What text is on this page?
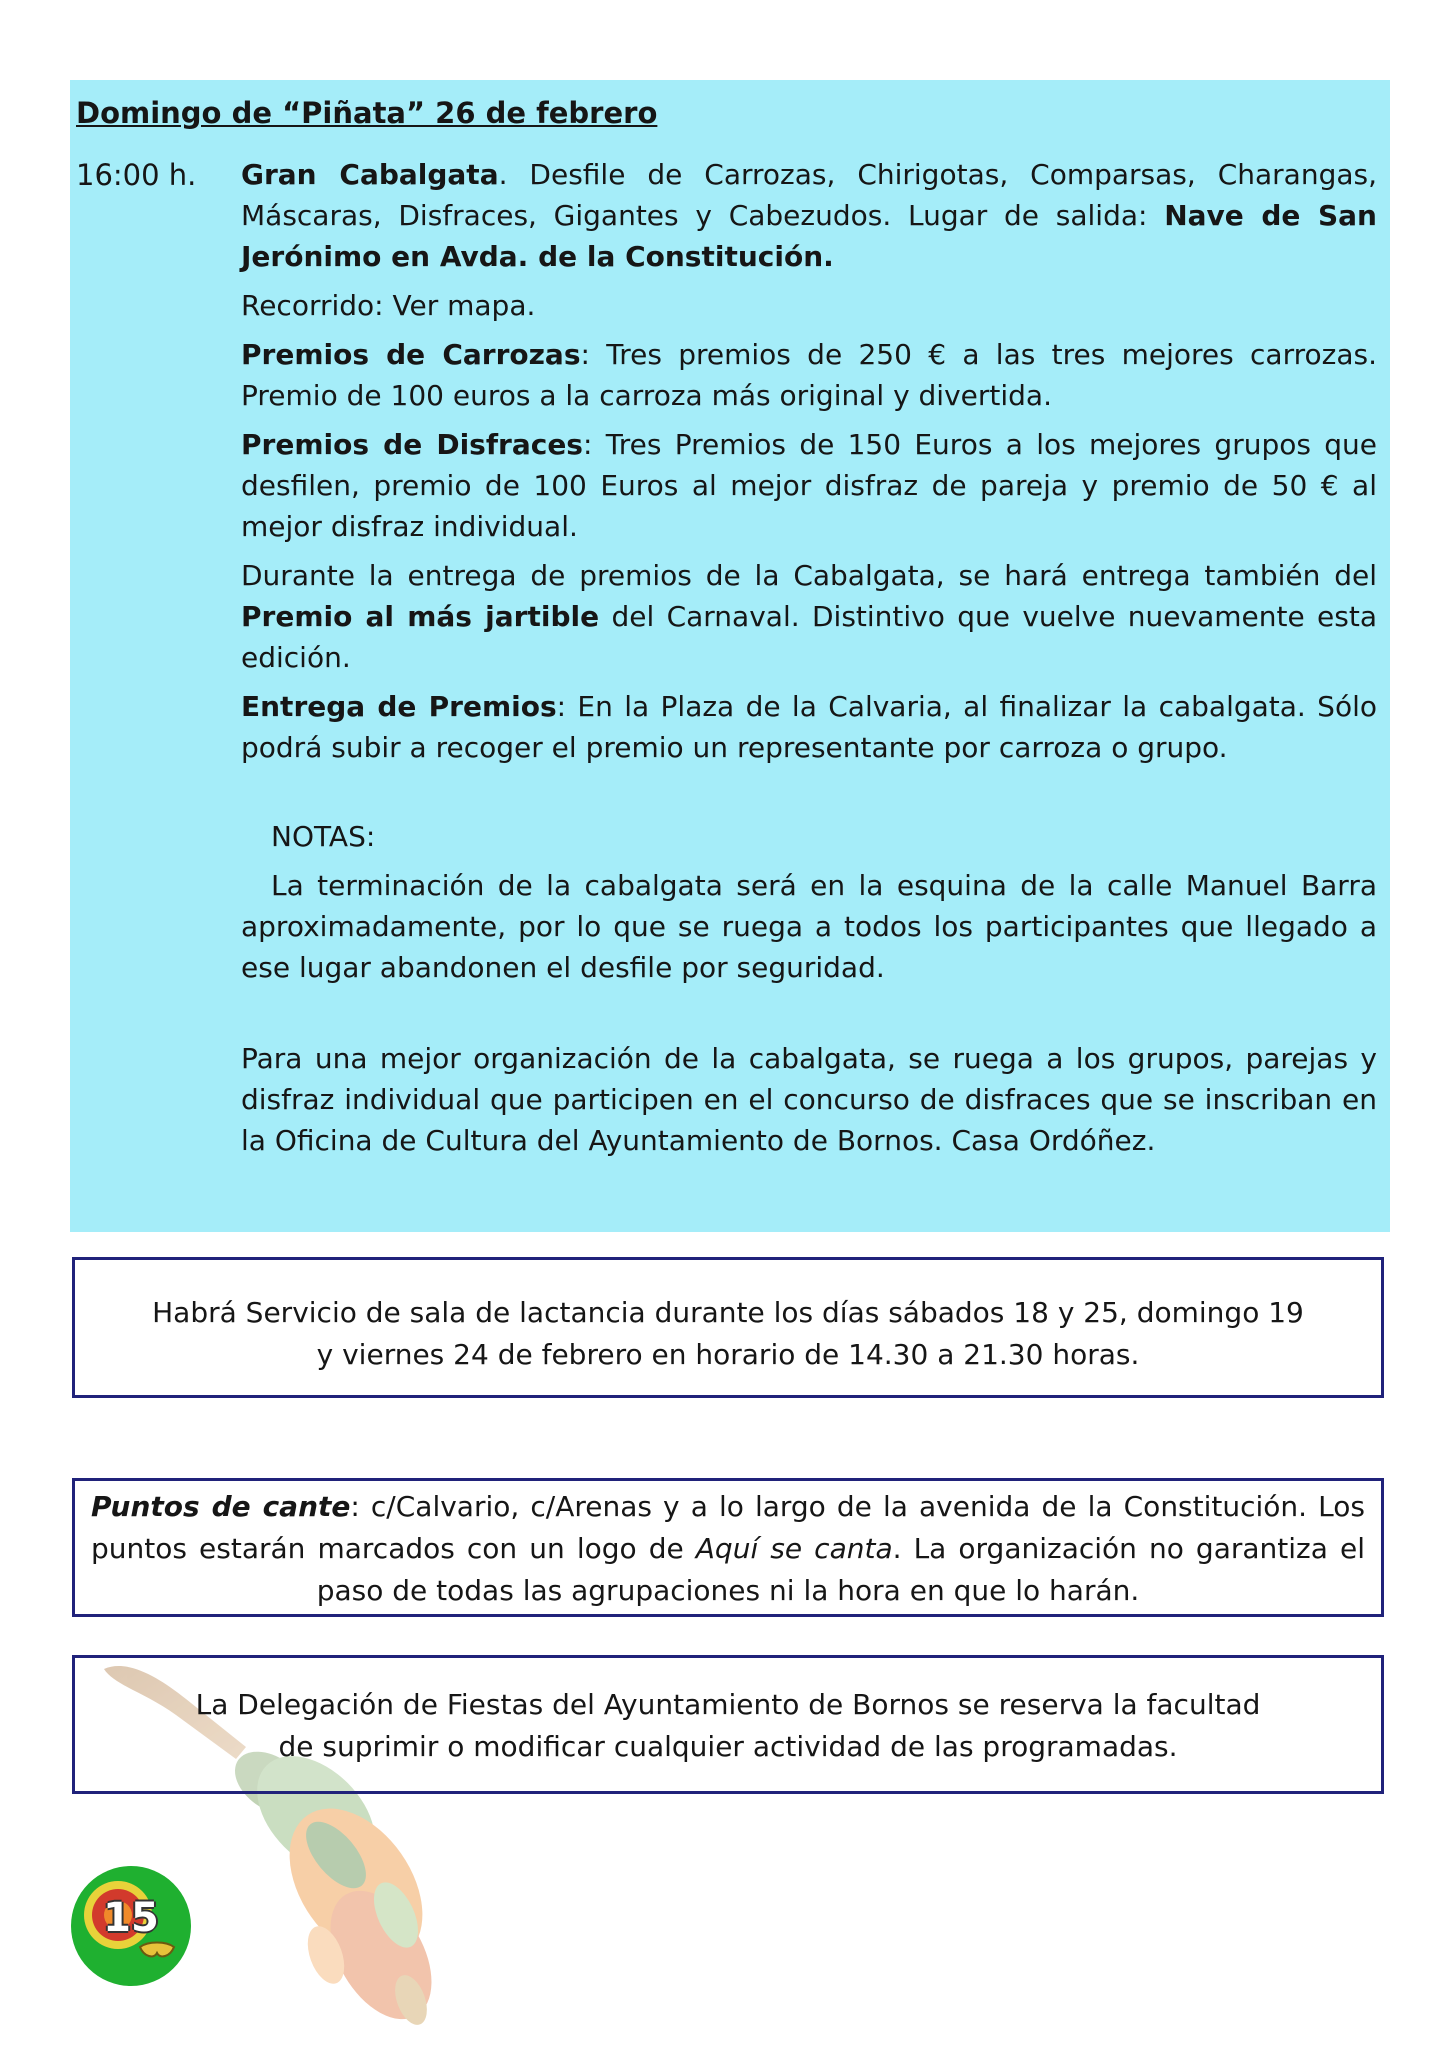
Domingo de “Piñata” 26 de febrero
16:00 h. Gran Cabalgata. Desfile de Carrozas, Chirigotas, Comparsas, Charangas, Máscaras, Disfraces, Gigantes y Cabezudos. Lugar de salida: Nave de San Jerónimo en Avda. de la Constitución.

Recorrido: Ver mapa.

Premios de Carrozas: Tres premios de 250 € a las tres mejores carrozas. Premio de 100 euros a la carroza más original y divertida.

Premios de Disfraces: Tres Premios de 150 Euros a los mejores grupos que desfilen, premio de 100 Euros al mejor disfraz de pareja y premio de 50 € al mejor disfraz individual.

Durante la entrega de premios de la Cabalgata, se hará entrega también del Premio al más jartible del Carnaval. Distintivo que vuelve nuevamente esta edición.

Entrega de Premios: En la Plaza de la Calvaria, al finalizar la cabalgata. Sólo podrá subir a recoger el premio un representante por carroza o grupo.

NOTAS:

La terminación de la cabalgata será en la esquina de la calle Manuel Barra aproximadamente, por lo que se ruega a todos los participantes que llegado a ese lugar abandonen el desfile por seguridad.

Para una mejor organización de la cabalgata, se ruega a los grupos, parejas y disfraz individual que participen en el concurso de disfraces que se inscriban en la Oficina de Cultura del Ayuntamiento de Bornos. Casa Ordóñez.

Habrá Servicio de sala de lactancia durante los días sábados 18 y 25, domingo 19
y viernes 24 de febrero en horario de 14.30 a 21.30 horas.
Puntos de cante: c/Calvario, c/Arenas y a lo largo de la avenida de la Constitución. Los puntos estarán marcados con un logo de Aquí se canta. La organización no garantiza el paso de todas las agrupaciones ni la hora en que lo harán.
La Delegación de Fiestas del Ayuntamiento de Bornos se reserva la facultad
de suprimir o modificar cualquier actividad de las programadas.
15
